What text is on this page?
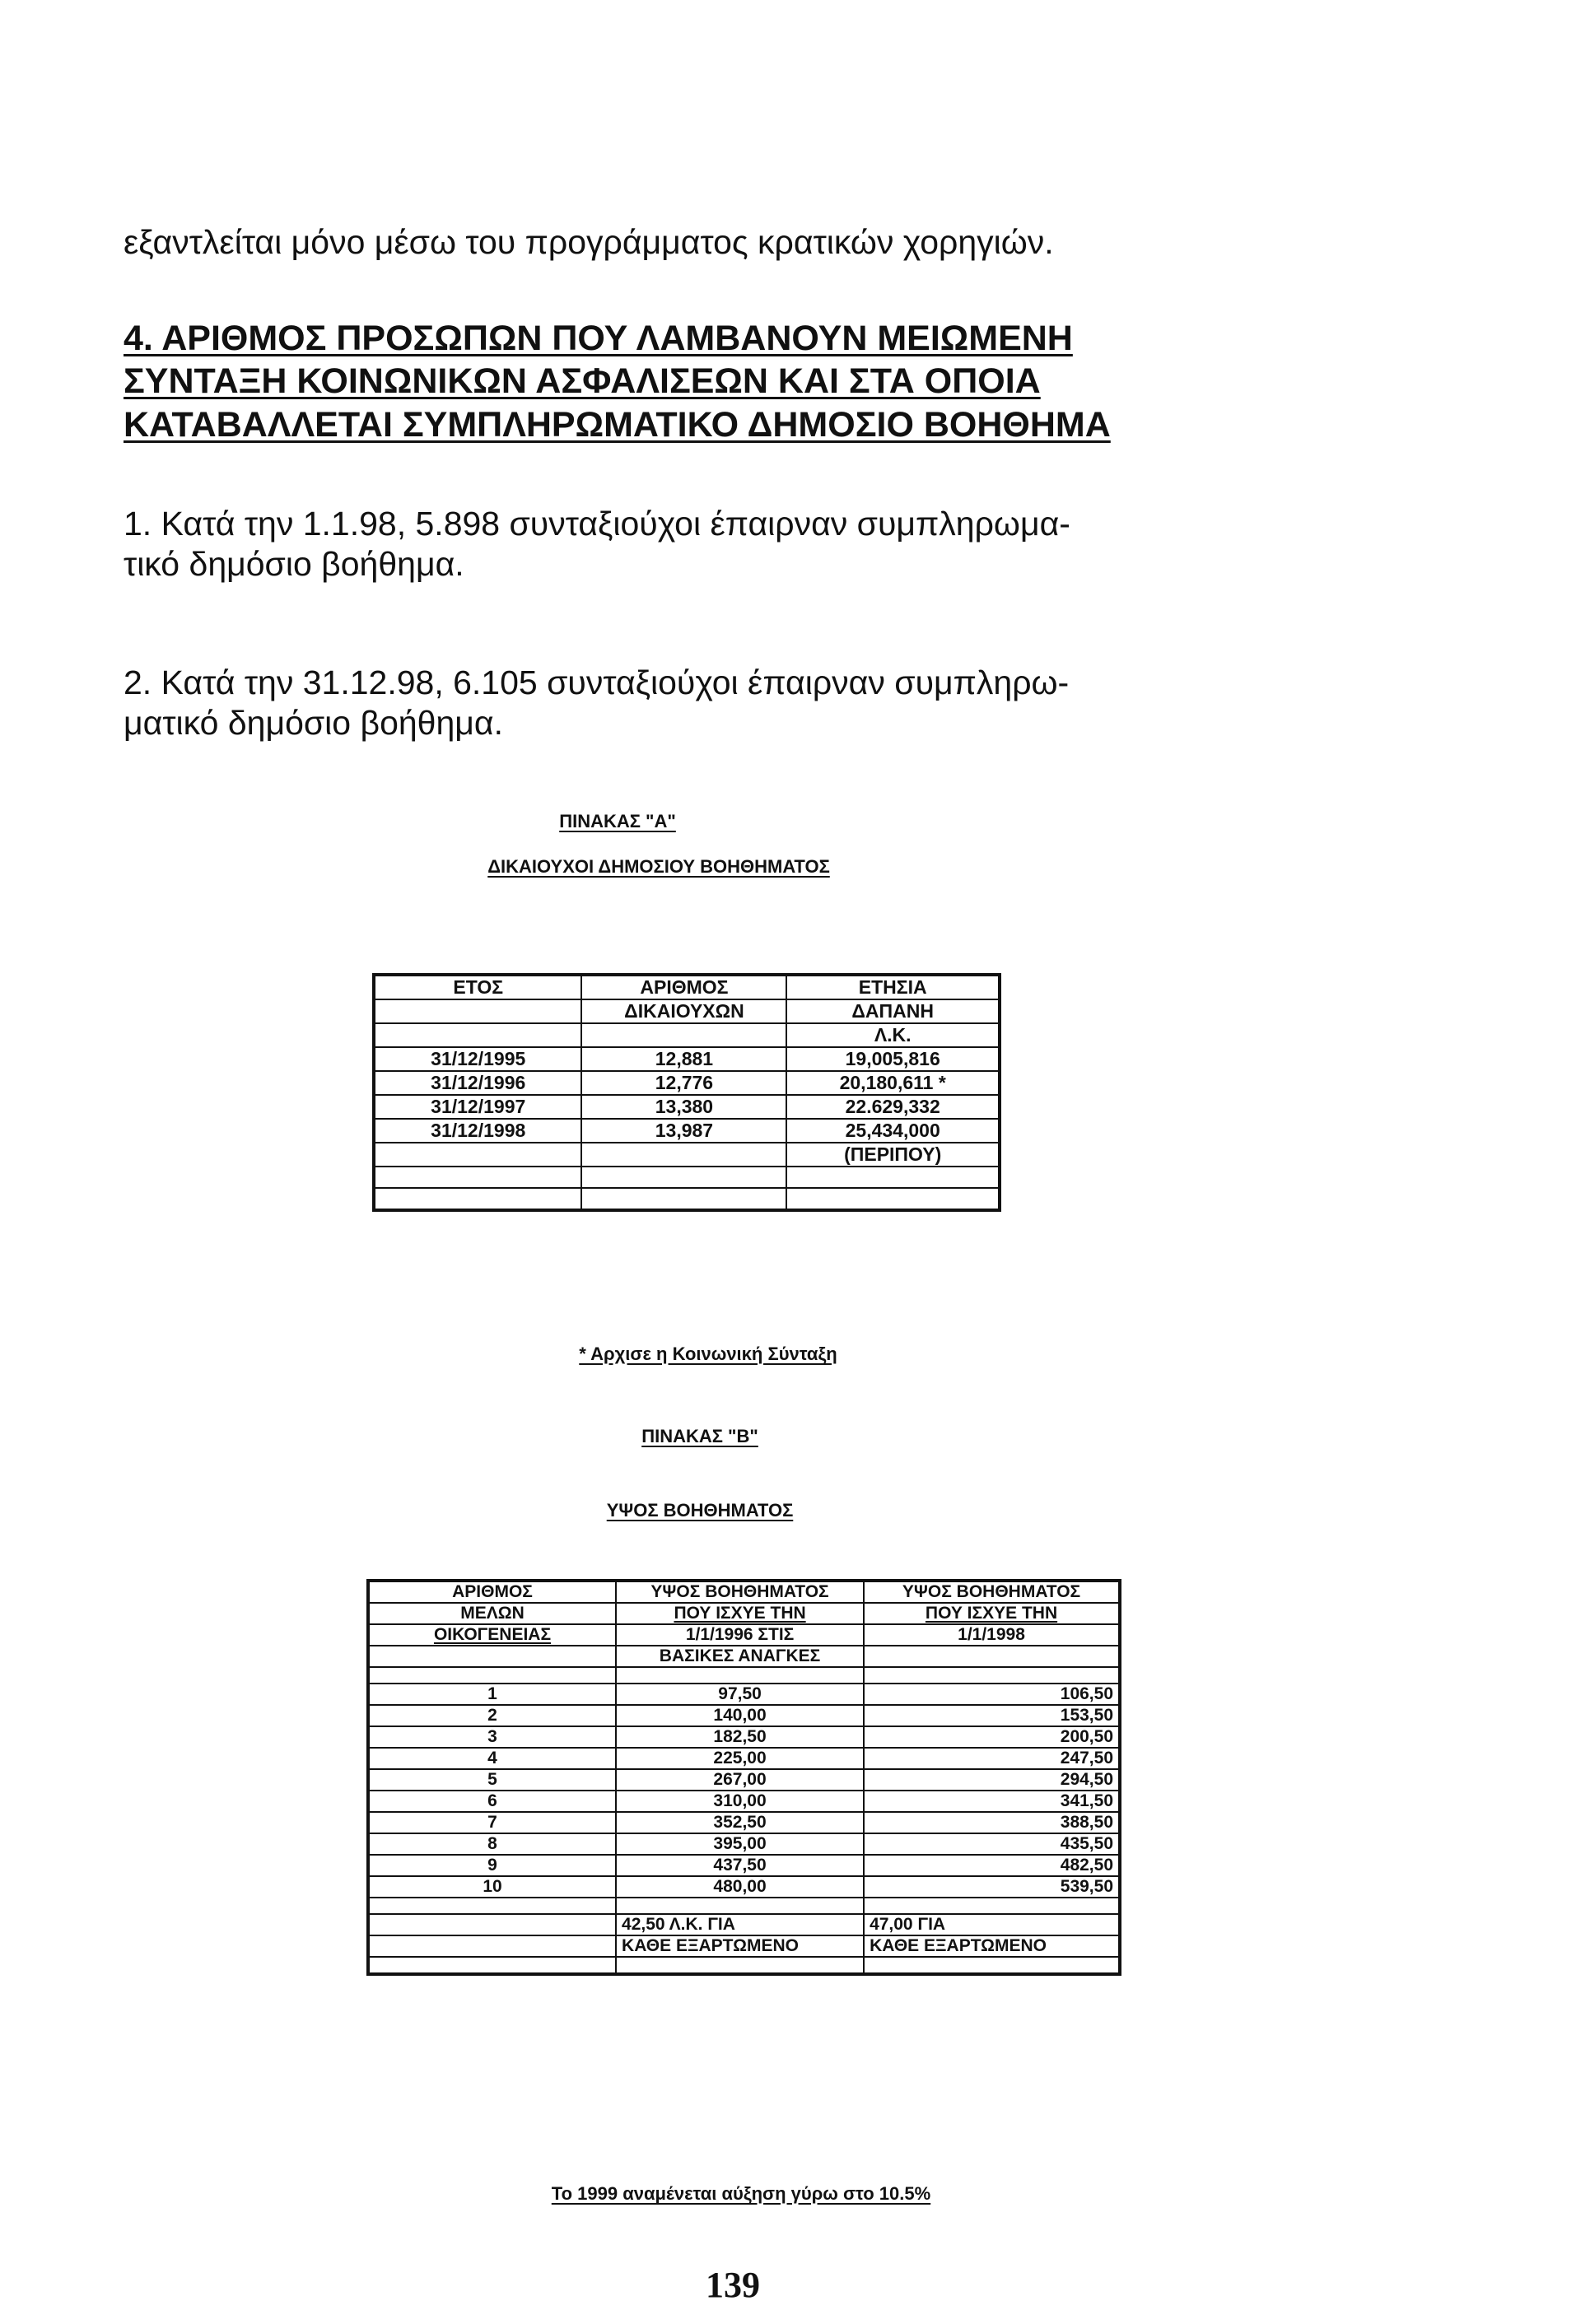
εξαντλείται μόνο μέσω του προγράμματος κρατικών χορηγιών.

4. ΑΡΙΘΜΟΣ ΠΡΟΣΩΠΩΝ ΠΟΥ ΛΑΜΒΑΝΟΥΝ ΜΕΙΩΜΕΝΗ

ΣΥΝΤΑΞΗ ΚΟΙΝΩΝΙΚΩΝ ΑΣΦΑΛΙΣΕΩΝ ΚΑΙ ΣΤΑ ΟΠΟΙΑ

ΚΑΤΑΒΑΛΛΕΤΑΙ ΣΥΜΠΛΗΡΩΜΑΤΙΚΟ ΔΗΜΟΣΙΟ ΒΟΗΘΗΜΑ

1. Κατά την 1.1.98, 5.898 συνταξιούχοι έπαιρναν συμπληρωμα-

τικό δημόσιο βοήθημα.

2. Κατά την 31.12.98, 6.105 συνταξιούχοι έπαιρναν συμπληρω-

ματικό δημόσιο βοήθημα.

ΠΙΝΑΚΑΣ "Α"
ΔΙΚΑΙΟΥΧΟΙ ΔΗΜΟΣΙΟΥ ΒΟΗΘΗΜΑΤΟΣ
ΕΤΟΣ	ΑΡΙΘΜΟΣ	ΕΤΗΣΙΑ
	ΔΙΚΑΙΟΥΧΩΝ	ΔΑΠΑΝΗ
		Λ.Κ.
31/12/1995	12,881	19,005,816
31/12/1996	12,776	20,180,611 *
31/12/1997	13,380	22.629,332
31/12/1998	13,987	25,434,000
		(ΠΕΡΙΠΟΥ)

* Αρχισε η Κοινωνική Σύνταξη
ΠΙΝΑΚΑΣ "Β"
ΥΨΟΣ ΒΟΗΘΗΜΑΤΟΣ
ΑΡΙΘΜΟΣ	ΥΨΟΣ ΒΟΗΘΗΜΑΤΟΣ	ΥΨΟΣ ΒΟΗΘΗΜΑΤΟΣ
ΜΕΛΩΝ	ΠΟΥ ΙΣΧΥΕ ΤΗΝ	ΠΟΥ ΙΣΧΥΕ ΤΗΝ
ΟΙΚΟΓΕΝΕΙΑΣ	1/1/1996 ΣΤΙΣ	1/1/1998
	ΒΑΣΙΚΕΣ ΑΝΑΓΚΕΣ	

1	97,50	106,50
2	140,00	153,50
3	182,50	200,50
4	225,00	247,50
5	267,00	294,50
6	310,00	341,50
7	352,50	388,50
8	395,00	435,50
9	437,50	482,50
10	480,00	539,50

	42,50 Λ.Κ. ΓΙΑ	47,00 ΓΙΑ
	ΚΑΘΕ ΕΞΑΡΤΩΜΕΝΟ	ΚΑΘΕ ΕΞΑΡΤΩΜΕΝΟ

Το 1999 αναμένεται αύξηση γύρω στο 10.5%
139
